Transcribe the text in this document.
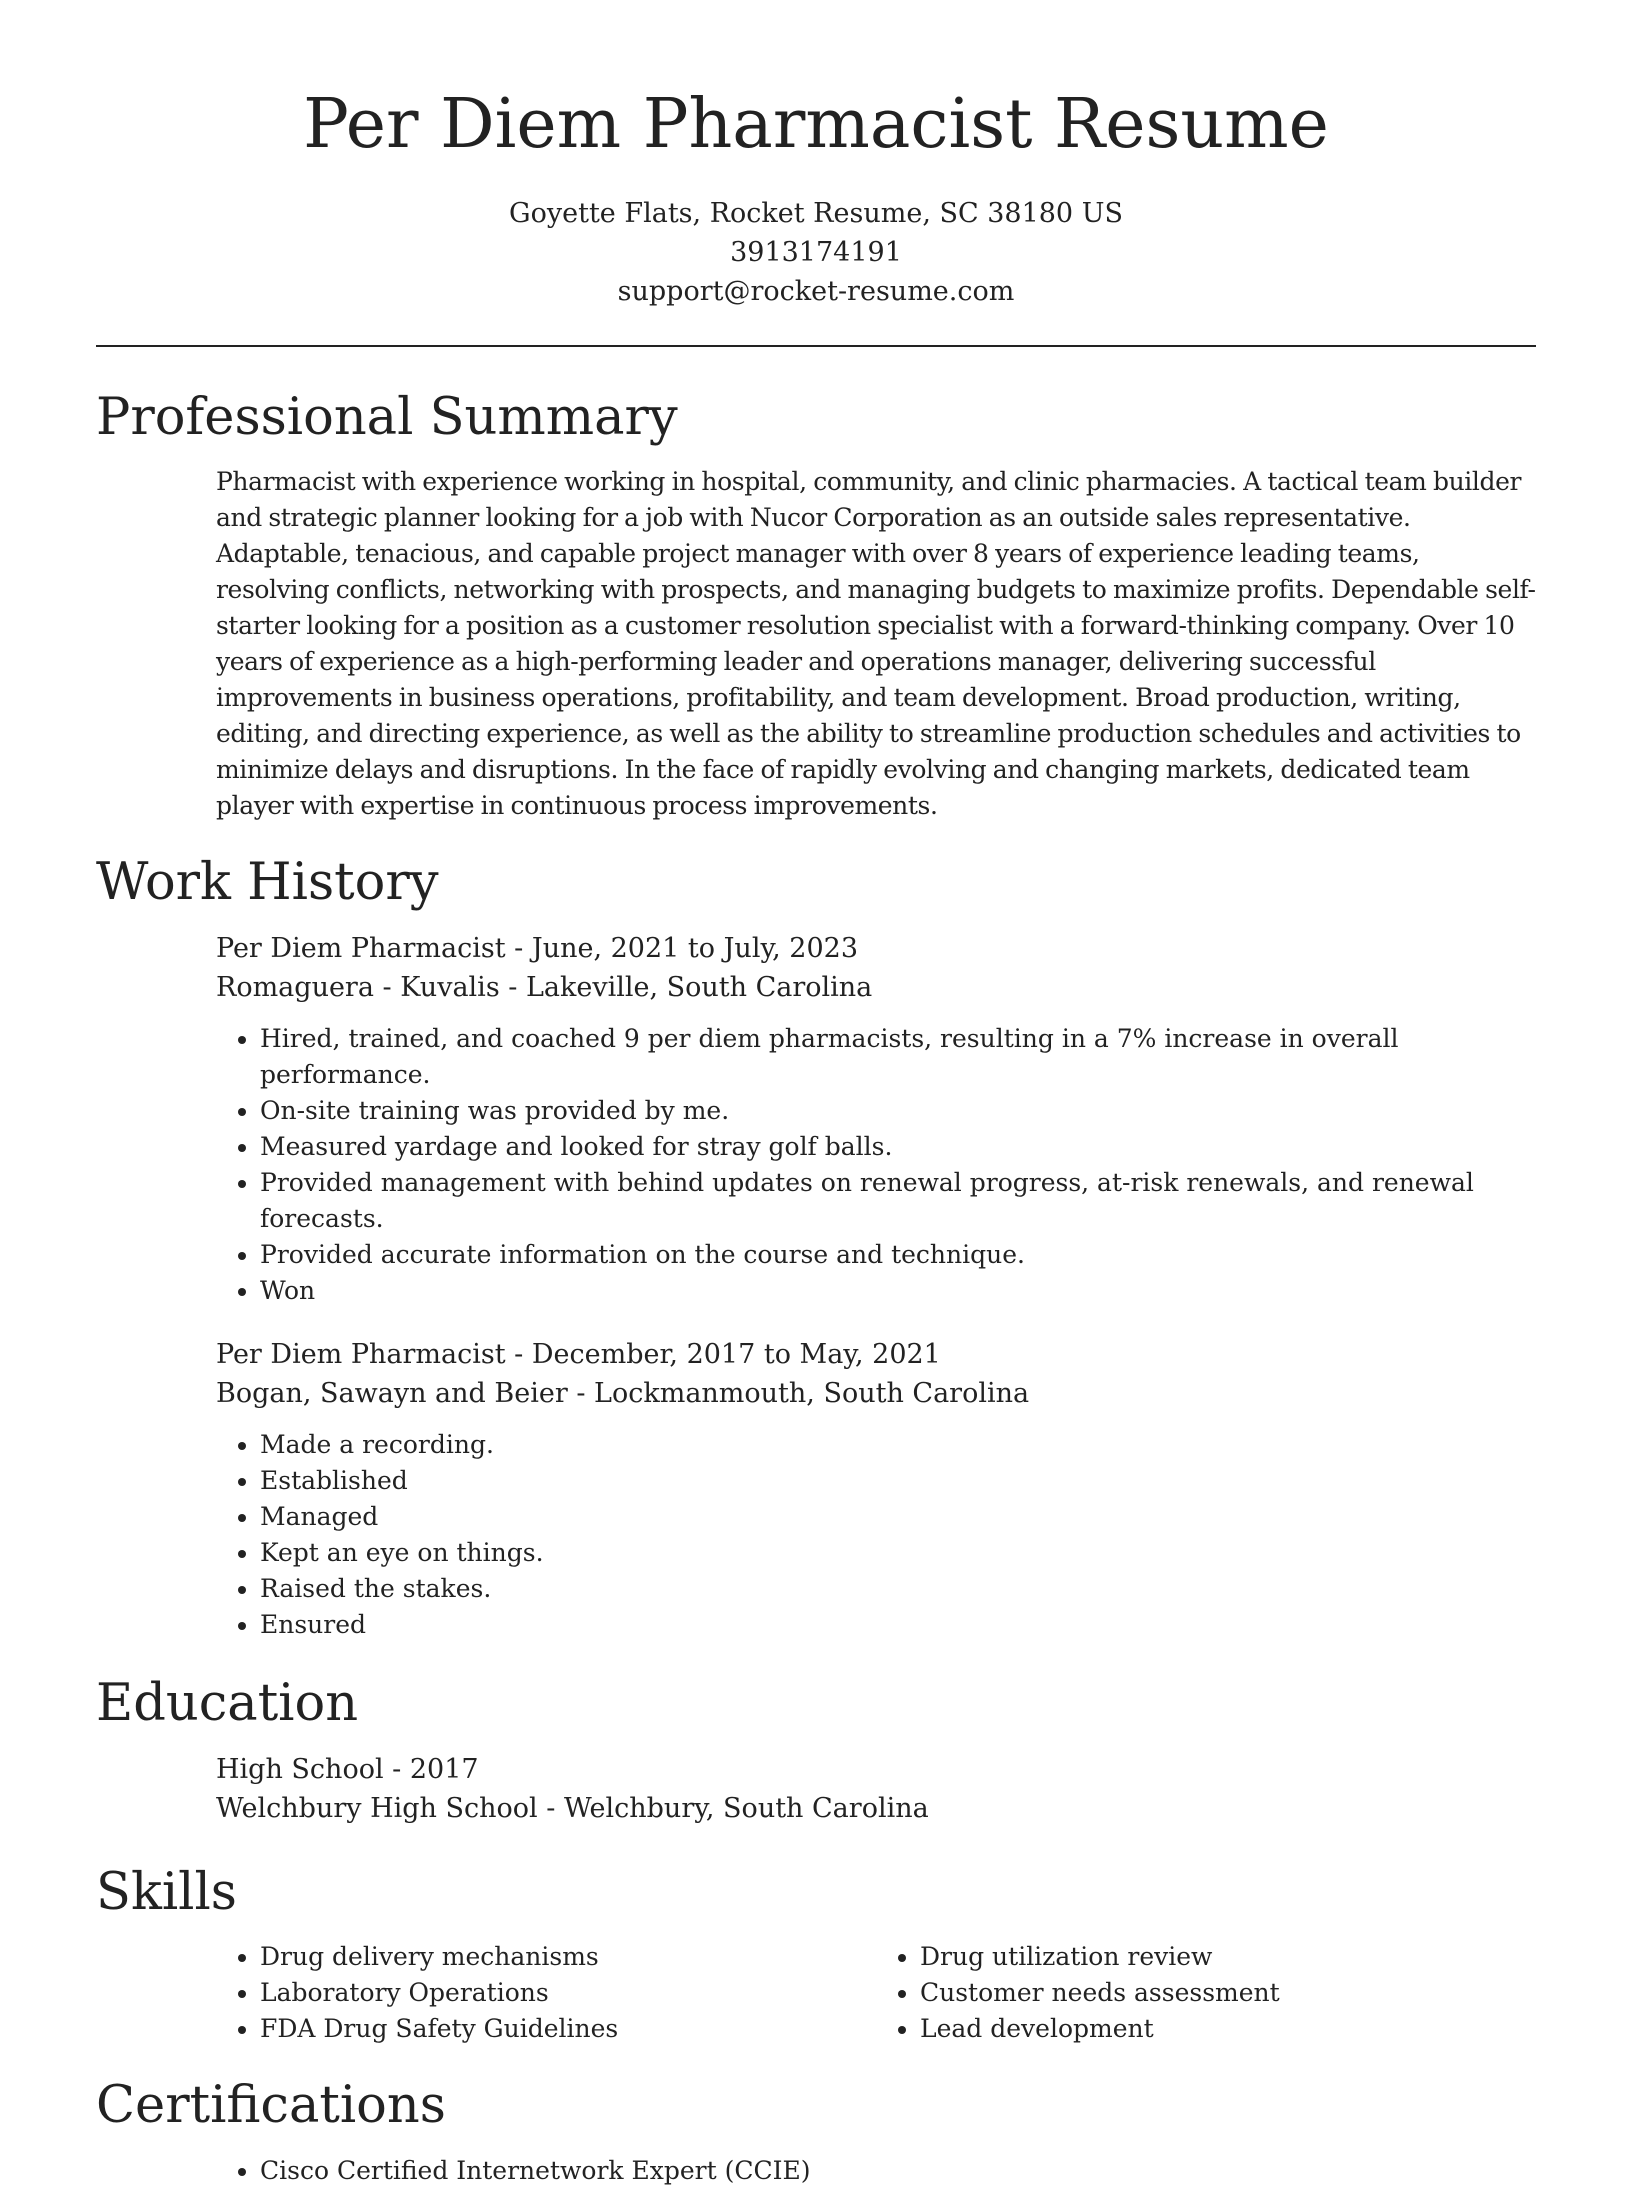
Per Diem Pharmacist Resume
Goyette Flats, Rocket Resume, SC 38180 US
3913174191
support@rocket-resume.com
Professional Summary
Pharmacist with experience working in hospital, community, and clinic pharmacies. A tactical team builder and strategic planner looking for a job with Nucor Corporation as an outside sales representative. Adaptable, tenacious, and capable project manager with over 8 years of experience leading teams, resolving conflicts, networking with prospects, and managing budgets to maximize profits. Dependable self-starter looking for a position as a customer resolution specialist with a forward-thinking company. Over 10 years of experience as a high-performing leader and operations manager, delivering successful improvements in business operations, profitability, and team development. Broad production, writing, editing, and directing experience, as well as the ability to streamline production schedules and activities to minimize delays and disruptions. In the face of rapidly evolving and changing markets, dedicated team player with expertise in continuous process improvements.
Work History
Per Diem Pharmacist - June, 2021 to July, 2023
Romaguera - Kuvalis - Lakeville, South Carolina
• Hired, trained, and coached 9 per diem pharmacists, resulting in a 7% increase in overall performance.
• On-site training was provided by me.
• Measured yardage and looked for stray golf balls.
• Provided management with behind updates on renewal progress, at-risk renewals, and renewal forecasts.
• Provided accurate information on the course and technique.
• Won
Per Diem Pharmacist - December, 2017 to May, 2021
Bogan, Sawayn and Beier - Lockmanmouth, South Carolina
• Made a recording.
• Established
• Managed
• Kept an eye on things.
• Raised the stakes.
• Ensured
Education
High School - 2017
Welchbury High School - Welchbury, South Carolina
Skills
• Drug delivery mechanisms
• Laboratory Operations
• FDA Drug Safety Guidelines
• Drug utilization review
• Customer needs assessment
• Lead development
Certifications
• Cisco Certified Internetwork Expert (CCIE)
